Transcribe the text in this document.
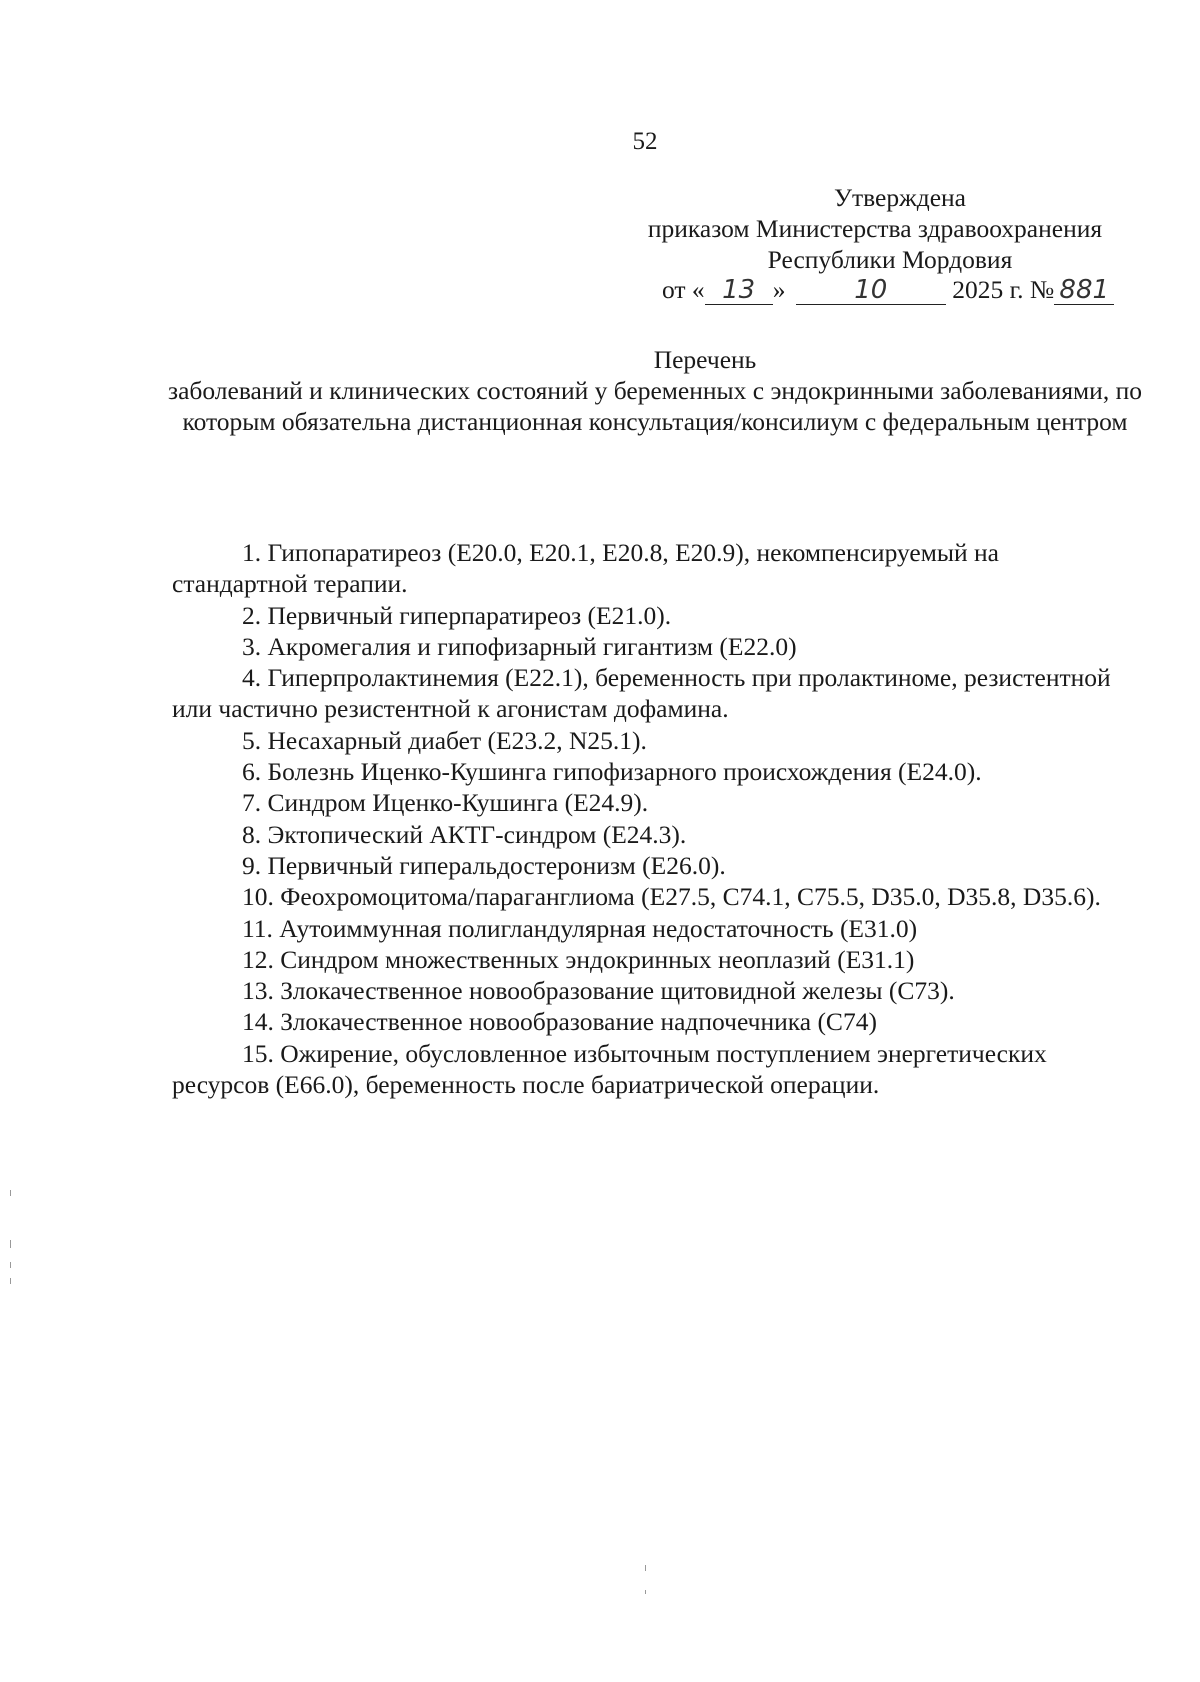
52
Утверждена
приказом Министерства здравоохранения
Республики Мордовия
от « 13 »	10	2025 г. № 881
Перечень
заболеваний и клинических состояний у беременных с эндокринными заболеваниями, по которым обязательна дистанционная консультация/консилиум с федеральным центром

1. Гипопаратиреоз (E20.0, E20.1, E20.8, E20.9), некомпенсируемый на стандартной терапии.

2. Первичный гиперпаратиреоз (E21.0).

3. Акромегалия и гипофизарный гигантизм (E22.0)

4. Гиперпролактинемия (E22.1), беременность при пролактиноме, резистентной или частично резистентной к агонистам дофамина.

5. Несахарный диабет (E23.2, N25.1).

6. Болезнь Иценко-Кушинга гипофизарного происхождения (E24.0).

7. Синдром Иценко-Кушинга (E24.9).

8. Эктопический АКТГ-синдром (E24.3).

9. Первичный гиперальдостеронизм (E26.0).

10. Феохромоцитома/параганглиома (E27.5, C74.1, C75.5, D35.0, D35.8, D35.6).

11. Аутоиммунная полигландулярная недостаточность (E31.0)

12. Синдром множественных эндокринных неоплазий (E31.1)

13. Злокачественное новообразование щитовидной железы (C73).

14. Злокачественное новообразование надпочечника (C74)

15. Ожирение, обусловленное избыточным поступлением энергетических ресурсов (E66.0), беременность после бариатрической операции.
